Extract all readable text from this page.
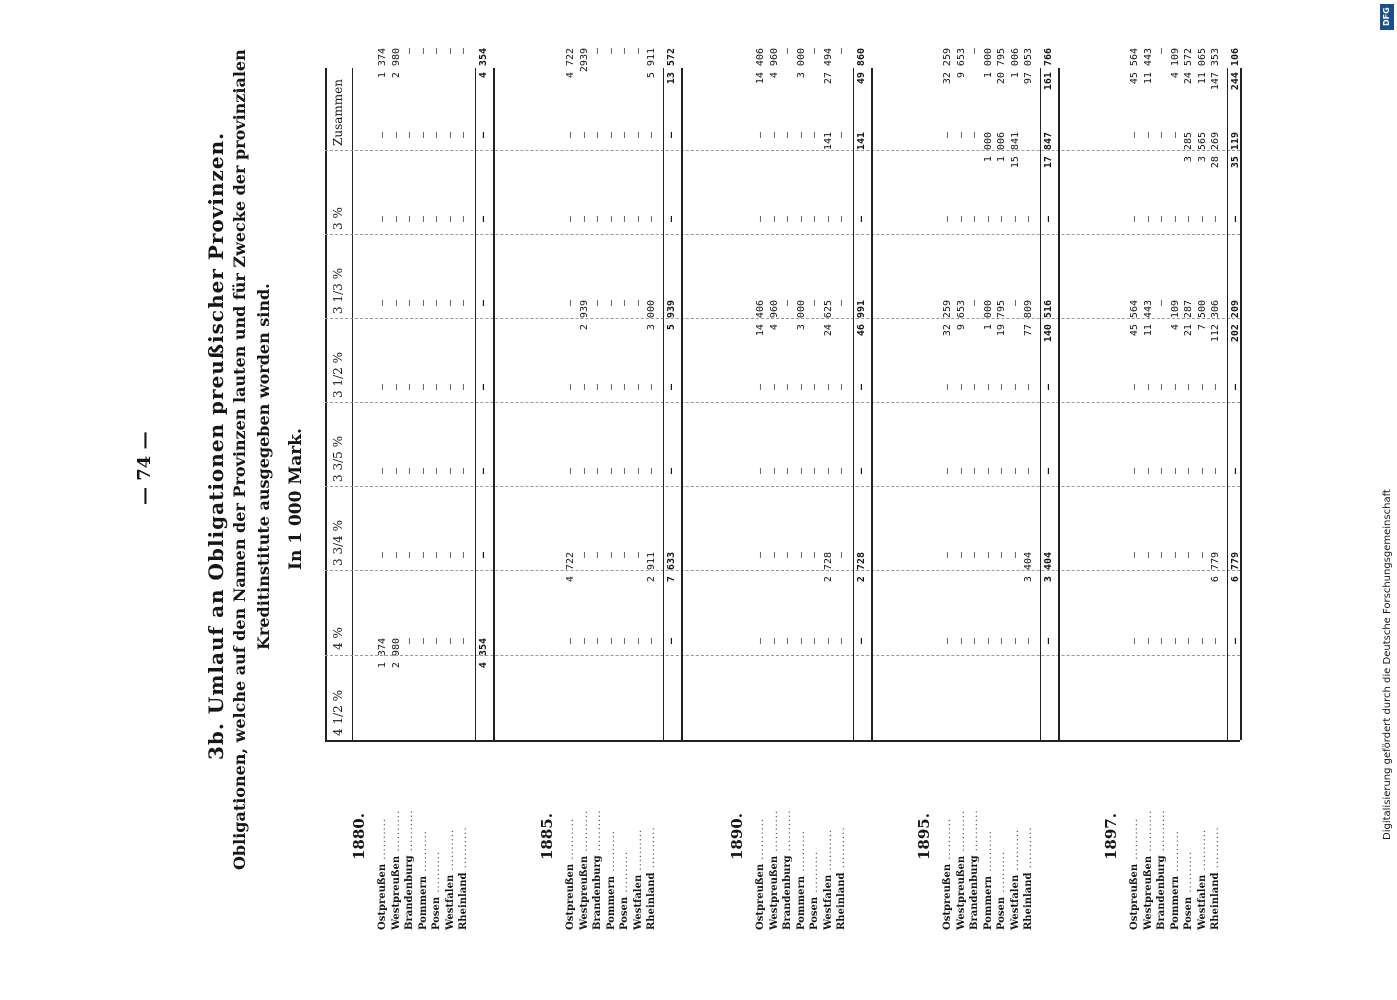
— 74 — 3b. Umlauf an Obligationen preußischer Provinzen. Obligationen, welche auf den Namen der Provinzen lauten und für Zwecke der provinzialen Kreditinstitute ausgegeben worden sind. In 1 000 Mark.	Digitalisierung gefördert durch die Deutsche Forschungsgemeinschaft
DFG
4 1/2 %
4 %
3 3/4 %
3 3/5 %
3 1/2 %
3 1/3 %
3 %
Zusammen
1880.
Ostpreußen ..........
1 374
—
—
—
—
—
—
1 374
Westpreußen ..........
2 980
—
—
—
—
—
—
2 980
Brandenburg ..........
—
—
—
—
—
—
—
—
Pommern ..........
—
—
—
—
—
—
—
—
Posen ..........
—
—
—
—
—
—
—
—
Westfalen ..........
—
—
—
—
—
—
—
—
Rheinland ..........
—
—
—
—
—
—
—
—
4 354
—
—
—
—
—
—
4 354
1885.
Ostpreußen ..........
—
4 722
—
—
—
—
—
4 722
Westpreußen ..........
—
—
—
—
2 939
—
—
2939
Brandenburg ..........
—
—
—
—
—
—
—
—
Pommern ..........
—
—
—
—
—
—
—
—
Posen ..........
—
—
—
—
—
—
—
—
Westfalen ..........
—
—
—
—
—
—
—
—
Rheinland ..........
—
2 911
—
—
3 000
—
—
5 911
—
7 633
—
—
5 939
—
—
13 572
1890.
Ostpreußen ..........
—
—
—
—
14 406
—
—
14 406
Westpreußen ..........
—
—
—
—
4 960
—
—
4 960
Brandenburg ..........
—
—
—
—
—
—
—
—
Pommern ..........
—
—
—
—
3 000
—
—
3 000
Posen ..........
—
—
—
—
—
—
—
—
Westfalen ..........
—
2 728
—
—
24 625
—
141
27 494
Rheinland ..........
—
—
—
—
—
—
—
—
—
2 728
—
—
46 991
—
141
49 860
1895.
Ostpreußen ..........
—
—
—
—
32 259
—
—
32 259
Westpreußen ..........
—
—
—
—
9 653
—
—
9 653
Brandenburg ..........
—
—
—
—
—
—
—
—
Pommern ..........
—
—
—
—
1 000
—
1 000
1 000
Posen ..........
—
—
—
—
19 795
—
1 006
20 795
Westfalen ..........
—
—
—
—
—
—
15 841
1 006
Rheinland ..........
—
3 404
—
—
77 809
—
97 053
—
3 404
—
—
140 516
—
17 847
161 766
1897.
Ostpreußen ..........
—
—
—
—
45 564
—
—
45 564
Westpreußen ..........
—
—
—
—
11 443
—
—
11 443
Brandenburg ..........
—
—
—
—
—
—
—
—
Pommern ..........
—
—
—
—
4 109
—
—
4 109
Posen ..........
—
—
—
—
21 287
—
3 285
24 572
Westfalen ..........
—
—
—
—
7 500
—
3 565
11 065
Rheinland ..........
—
6 779
—
—
112 306
—
28 269
147 353
—
6 779
—
—
202 209
—
35 119
244 106
